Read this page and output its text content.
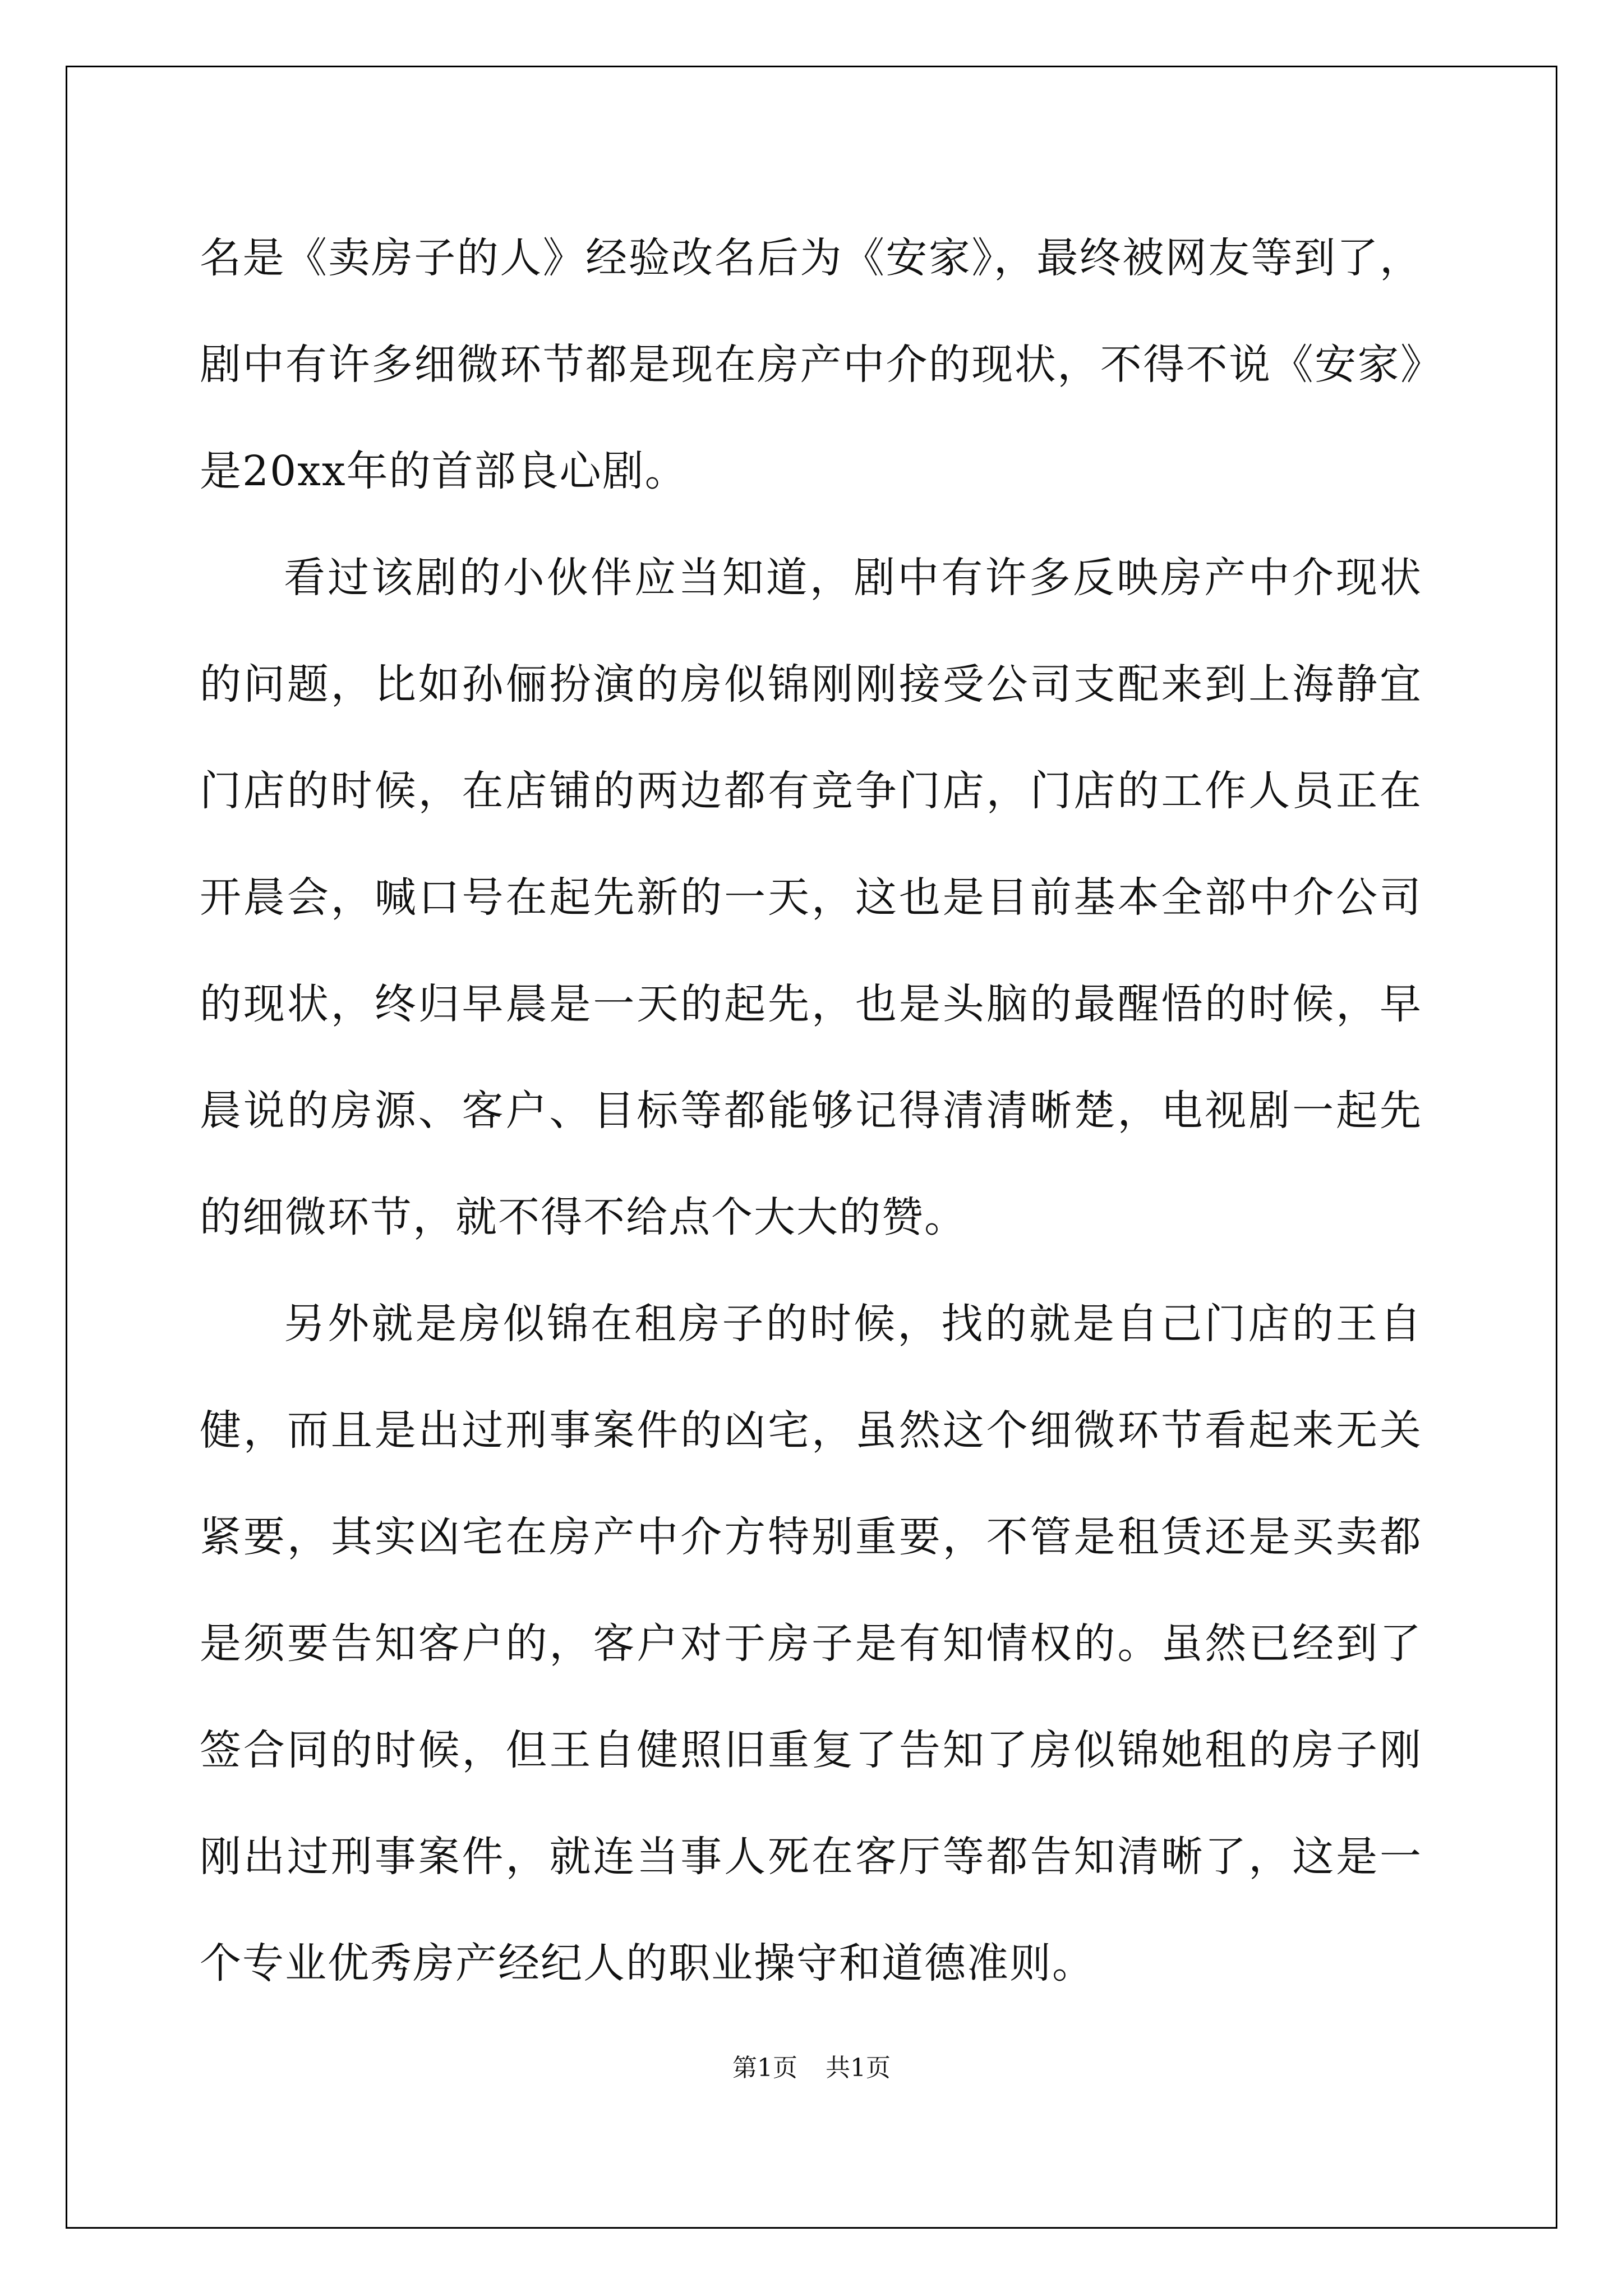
名是《卖房子的人》经验改名后为《安家》，最终被网友等到了，剧中有许多细微环节都是现在房产中介的现状，不得不说《安家》是20xx年的首部良心剧。

看过该剧的小伙伴应当知道，剧中有许多反映房产中介现状的问题，比如孙俪扮演的房似锦刚刚接受公司支配来到上海静宜门店的时候，在店铺的两边都有竞争门店，门店的工作人员正在开晨会，喊口号在起先新的一天，这也是目前基本全部中介公司的现状，终归早晨是一天的起先，也是头脑的最醒悟的时候，早晨说的房源、客户、目标等都能够记得清清晰楚，电视剧一起先的细微环节，就不得不给点个大大的赞。

另外就是房似锦在租房子的时候，找的就是自己门店的王自健，而且是出过刑事案件的凶宅，虽然这个细微环节看起来无关紧要，其实凶宅在房产中介方特别重要，不管是租赁还是买卖都是须要告知客户的，客户对于房子是有知情权的。虽然已经到了签合同的时候，但王自健照旧重复了告知了房似锦她租的房子刚刚出过刑事案件，就连当事人死在客厅等都告知清晰了，这是一个专业优秀房产经纪人的职业操守和道德准则。

第1页 共1页
